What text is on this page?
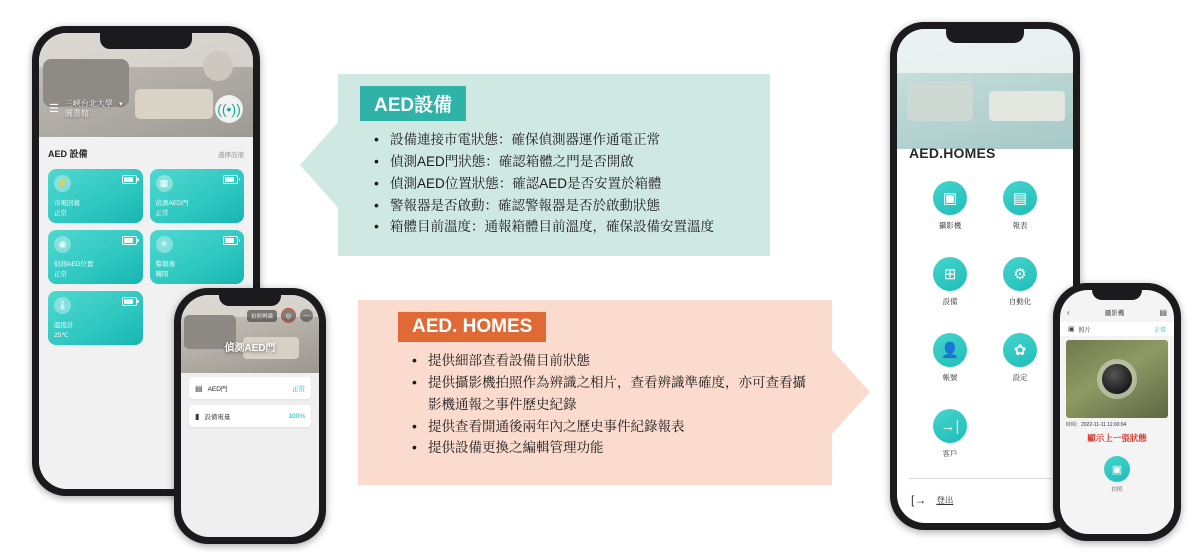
☰ 三峽台北大學 ▾
圖書館	((•))
AED 設備	選擇設備
⚡
市電回報
正常
▦
偵測AED門
正常
◉
偵測AED位置
正常
☀
警報器
關閉
🌡
溫度計
25℃
拍照辨識	◎	⋯
偵測AED門
▤ AED門	正常
▮ 設備電量	100%
AED設備
• 設備連接市電狀態：確保偵測器運作通電正常
• 偵測AED門狀態：確認箱體之門是否開啟
• 偵測AED位置狀態：確認AED是否安置於箱體
• 警報器是否啟動：確認警報器是否於啟動狀態
• 箱體目前溫度：通報箱體目前溫度，確保設備安置溫度
AED. HOMES
• 提供細部查看設備目前狀態
• 提供攝影機拍照作為辨識之相片，查看辨識準確度，亦可查看攝影機通報之事件歷史紀錄
• 提供查看開通後兩年內之歷史事件紀錄報表
• 提供設備更換之編輯管理功能
AED.HOMES
▣
攝影機
▤
報表
⊞
設備
⚙
自動化
👤
帳號
✿
設定
→|
客戶
[→ 登出
‹	攝影機	▤
▣ 照片	正常
時間：2022-11-11 11:00:04
顯示上一張狀態
▣
拍照
